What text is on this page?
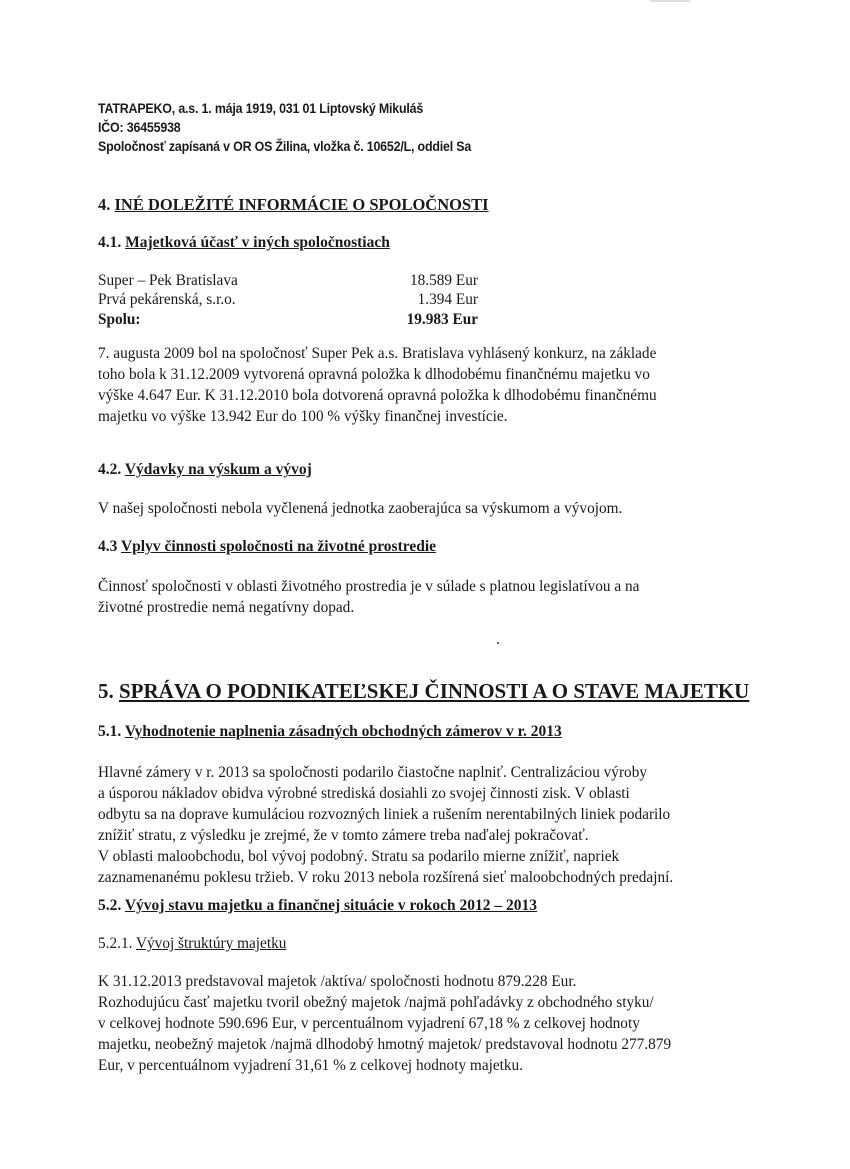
TATRAPEKO, a.s. 1. mája 1919, 031 01 Liptovský Mikuláš
IČO: 36455938
Spoločnosť zapísaná v OR OS Žilina, vložka č. 10652/L, oddiel Sa
4. INÉ DOLEŽITÉ INFORMÁCIE O SPOLOČNOSTI
4.1. Majetková účasť v iných spoločnostiach
Super – Pek Bratislava	18.589 Eur
Prvá pekárenská, s.r.o.	1.394 Eur
Spolu:	19.983 Eur
7. augusta 2009 bol na spoločnosť Super Pek a.s. Bratislava vyhlásený konkurz, na základe
toho bola k 31.12.2009 vytvorená opravná položka k dlhodobému finančnému majetku vo
výške 4.647 Eur. K 31.12.2010 bola dotvorená opravná položka k dlhodobému finančnému
majetku vo výške 13.942 Eur do 100 % výšky finančnej investície.
4.2. Výdavky na výskum a vývoj
V našej spoločnosti nebola vyčlenená jednotka zaoberajúca sa výskumom a vývojom.
4.3 Vplyv činnosti spoločnosti na životné prostredie
Činnosť spoločnosti v oblasti životného prostredia je v súlade s platnou legislatívou a na
životné prostredie nemá negatívny dopad.
5. SPRÁVA O PODNIKATEĽSKEJ ČINNOSTI A O STAVE MAJETKU
5.1. Vyhodnotenie naplnenia zásadných obchodných zámerov v r. 2013
Hlavné zámery v r. 2013 sa spoločnosti podarilo čiastočne naplniť. Centralizáciou výroby
a úsporou nákladov obidva výrobné strediská dosiahli zo svojej činnosti zisk. V oblasti
odbytu sa na doprave kumuláciou rozvozných liniek a rušením nerentabilných liniek podarilo
znížiť stratu, z výsledku je zrejmé, že v tomto zámere treba naďalej pokračovať.
V oblasti maloobchodu, bol vývoj podobný. Stratu sa podarilo mierne znížiť, napriek
zaznamenanému poklesu tržieb. V roku 2013 nebola rozšírená sieť maloobchodných predajní.
5.2. Vývoj stavu majetku a finančnej situácie v rokoch 2012 – 2013
5.2.1. Vývoj štruktúry majetku
K 31.12.2013 predstavoval majetok /aktíva/ spoločnosti hodnotu 879.228 Eur.
Rozhodujúcu časť majetku tvoril obežný majetok /najmä pohľadávky z obchodného styku/
v celkovej hodnote 590.696 Eur, v percentuálnom vyjadrení 67,18 % z celkovej hodnoty
majetku, neobežný majetok /najmä dlhodobý hmotný majetok/ predstavoval hodnotu 277.879
Eur, v percentuálnom vyjadrení 31,61 % z celkovej hodnoty majetku.
